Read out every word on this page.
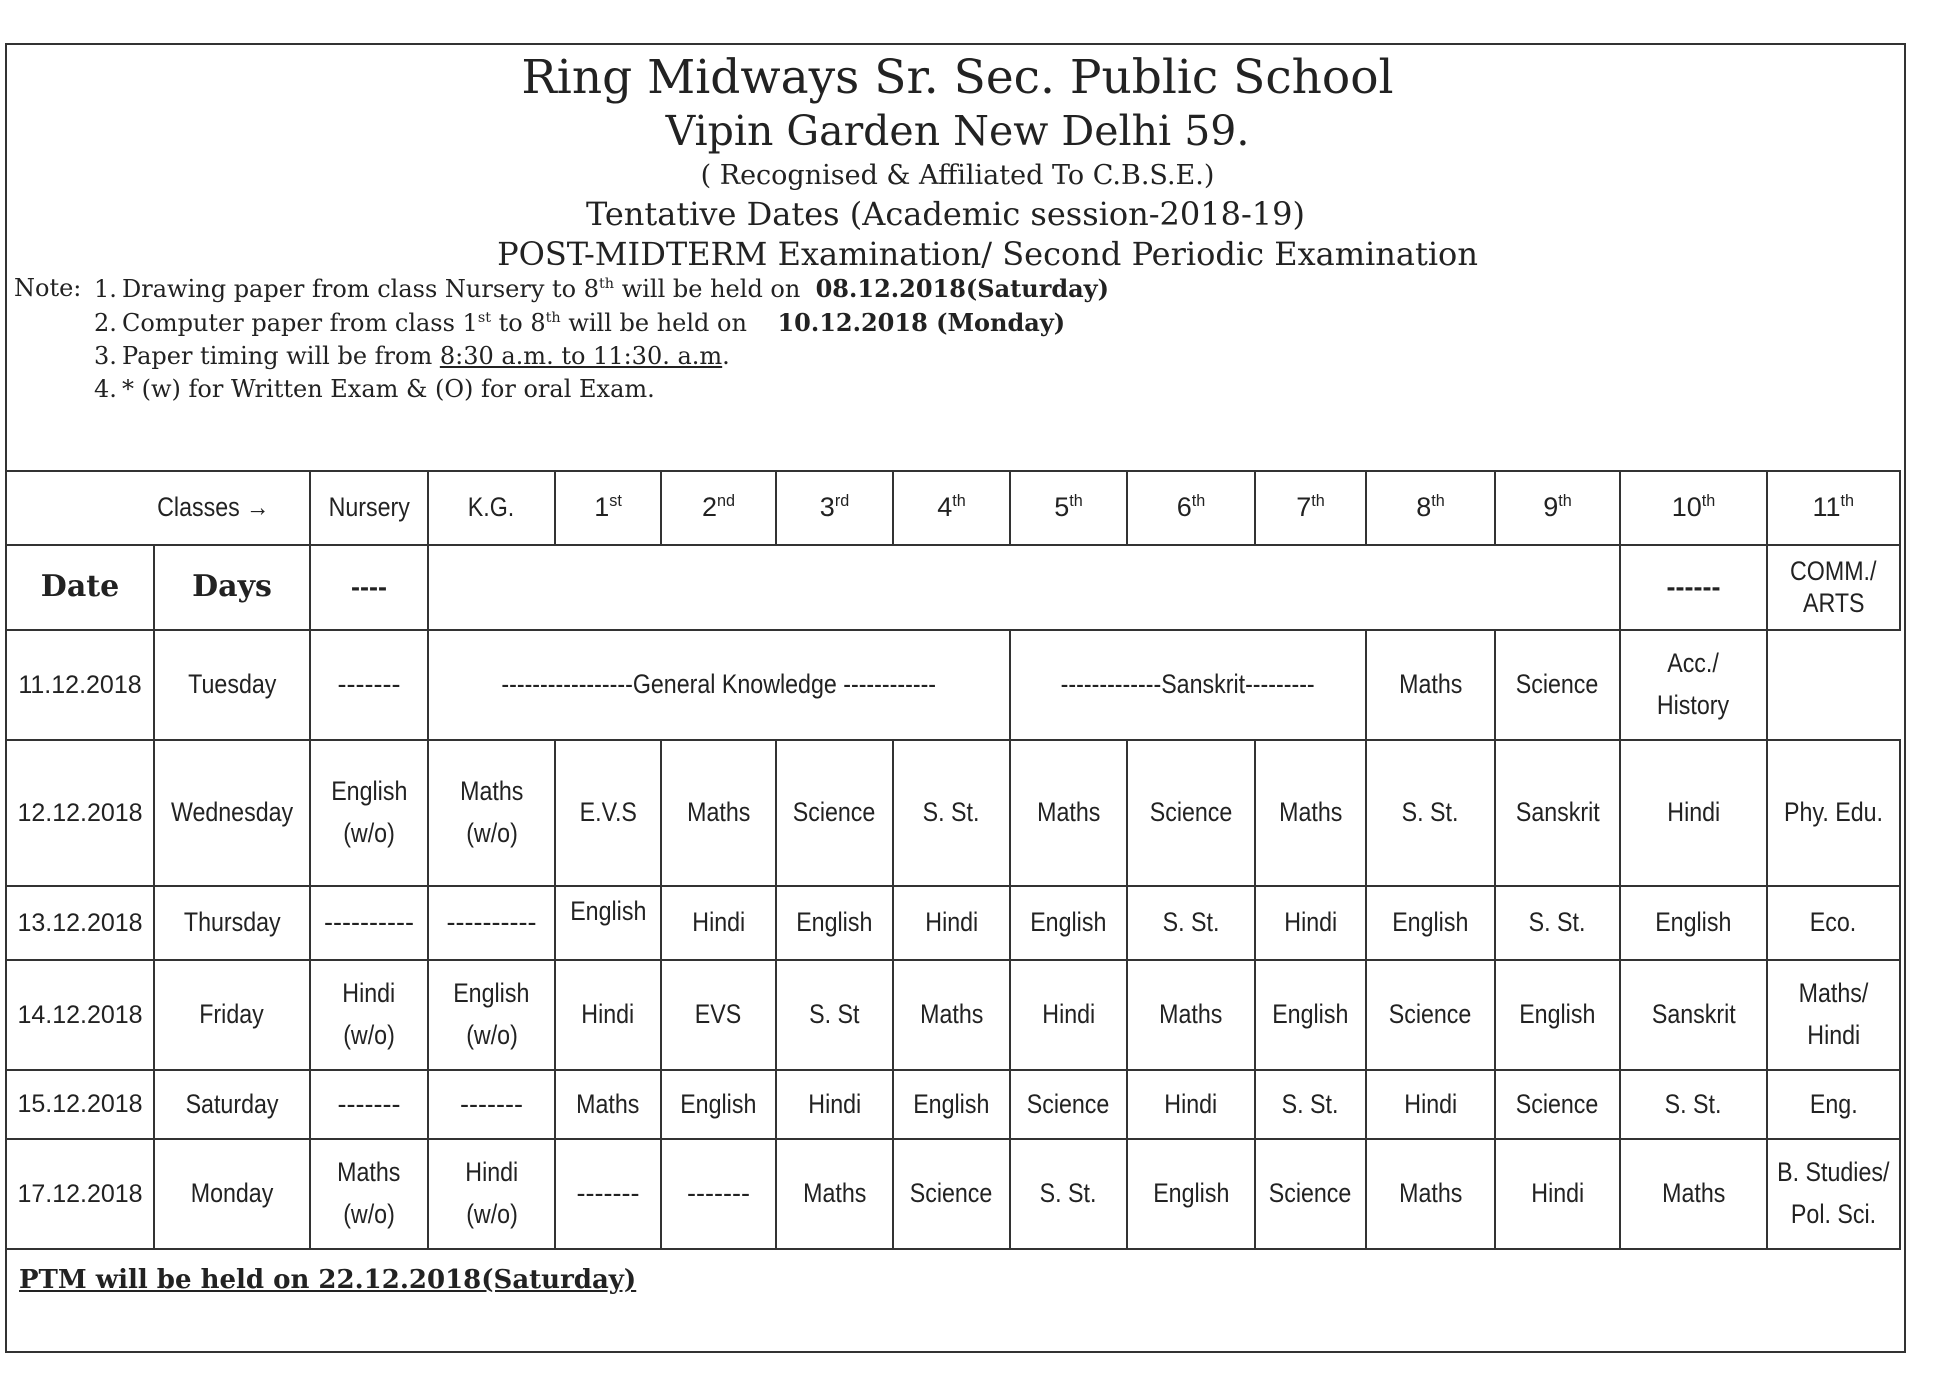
Ring Midways Sr. Sec. Public School
Vipin Garden New Delhi 59.
( Recognised & Affiliated To C.B.S.E.)
Tentative Dates (Academic session-2018-19)
POST-MIDTERM Examination/ Second Periodic Examination
Note: 1. Drawing paper from class Nursery to 8th will be held on  08.12.2018(Saturday)
2. Computer paper from class 1st to 8th will be held on    10.12.2018 (Monday)
3. Paper timing will be from 8:30 a.m. to 11:30. a.m.
4. * (w) for Written Exam & (O) for oral Exam.
Classes →		Nursery	K.G.	1st	2nd	3rd	4th	5th	6th	7th	8th	9th	10th	11th
Date	Days	----											------	COMM./
ARTS
11.12.2018	Tuesday	-------	-----------------General Knowledge ------------					-------------Sanskrit---------			Maths	Science	Acc./
History	
12.12.2018	Wednesday	English
(w/o)	Maths
(w/o)	E.V.S	Maths	Science	S. St.	Maths	Science	Maths	S. St.	Sanskrit	Hindi	Phy. Edu.
13.12.2018	Thursday	----------	----------	English	Hindi	English	Hindi	English	S. St.	Hindi	English	S. St.	English	Eco.
14.12.2018	Friday	Hindi
(w/o)	English
(w/o)	Hindi	EVS	S. St	Maths	Hindi	Maths	English	Science	English	Sanskrit	Maths/
Hindi
15.12.2018	Saturday	-------	-------	Maths	English	Hindi	English	Science	Hindi	S. St.	Hindi	Science	S. St.	Eng.
17.12.2018	Monday	Maths
(w/o)	Hindi
(w/o)	-------	-------	Maths	Science	S. St.	English	Science	Maths	Hindi	Maths	B. Studies/
Pol. Sci.
PTM will be held on 22.12.2018(Saturday)
